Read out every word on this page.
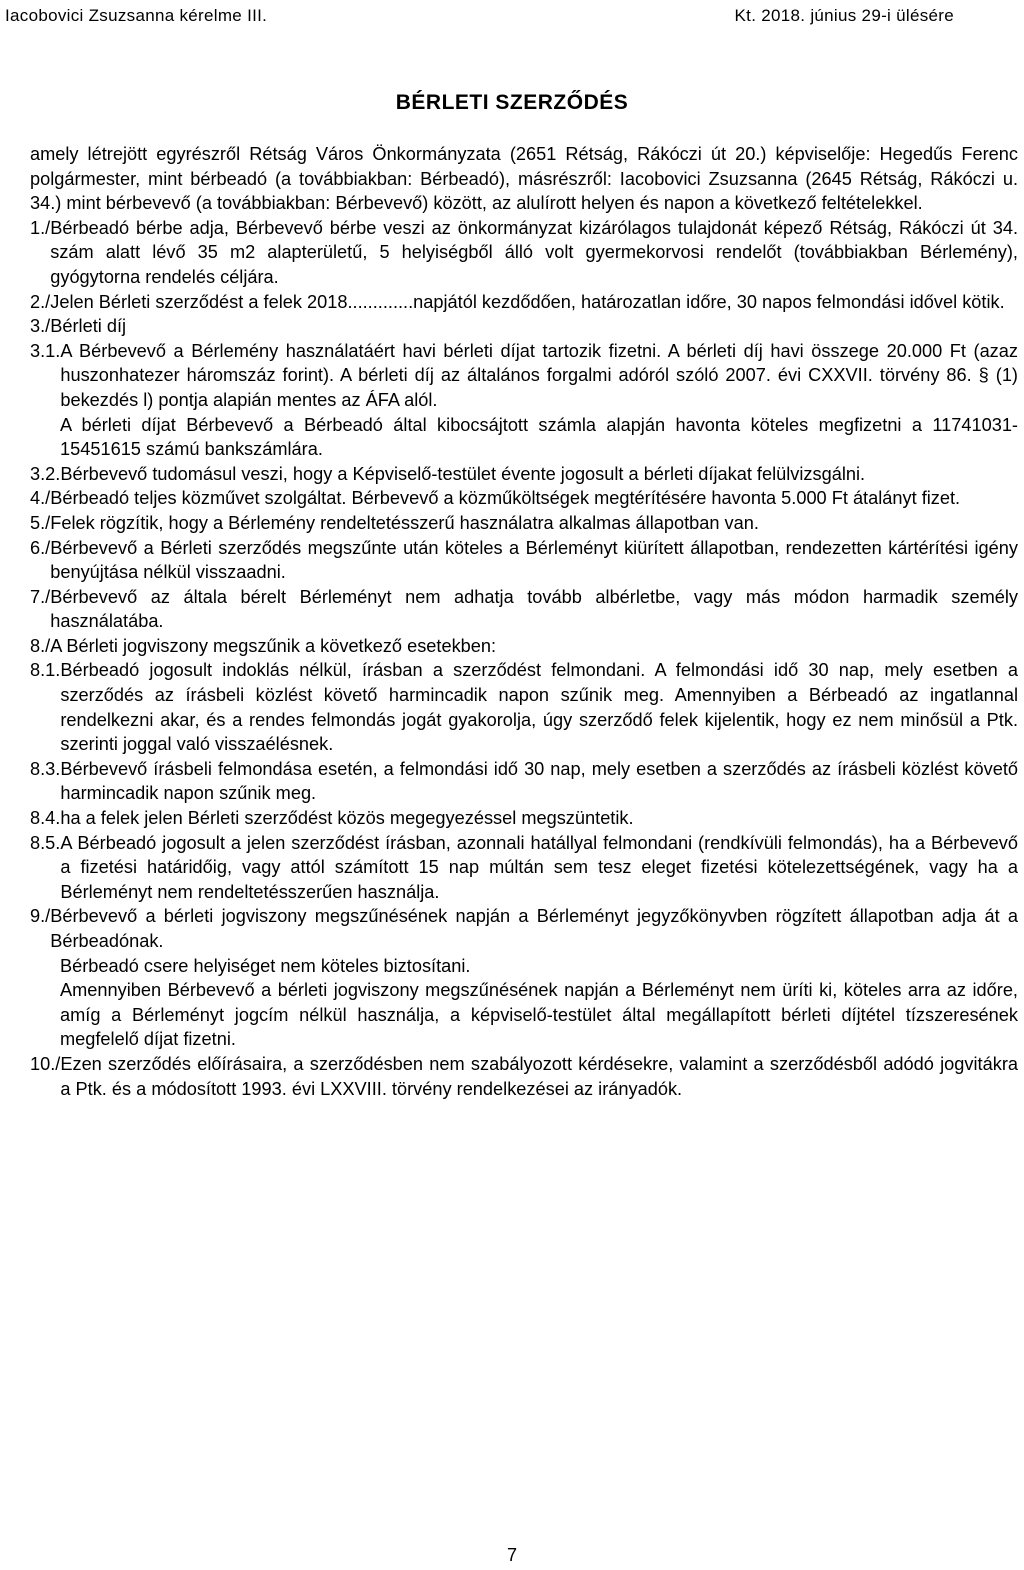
Iacobovici Zsuzsanna kérelme III.	Kt. 2018. június 29-i ülésére
BÉRLETI SZERZŐDÉS

amely létrejött egyrészről Rétság Város Önkormányzata (2651 Rétság, Rákóczi út 20.) képviselője: Hegedűs Ferenc polgármester, mint bérbeadó (a továbbiakban: Bérbeadó), másrészről: Iacobovici Zsuzsanna (2645 Rétság, Rákóczi u. 34.) mint bérbevevő (a továbbiakban: Bérbevevő) között, az alulírott helyen és napon a következő feltételekkel.

1./ Bérbeadó bérbe adja, Bérbevevő bérbe veszi az önkormányzat kizárólagos tulajdonát képező Rétság, Rákóczi út 34. szám alatt lévő 35 m2 alapterületű, 5 helyiségből álló volt gyermekorvosi rendelőt (továbbiakban Bérlemény), gyógytorna rendelés céljára.
2./ Jelen Bérleti szerződést a felek 2018.............napjától kezdődően, határozatlan időre, 30 napos felmondási idővel kötik.
3./ Bérleti díj
3.1. A Bérbevevő a Bérlemény használatáért havi bérleti díjat tartozik fizetni. A bérleti díj havi összege 20.000 Ft (azaz huszonhatezer háromszáz forint). A bérleti díj az általános forgalmi adóról szóló 2007. évi CXXVII. törvény 86. § (1) bekezdés l) pontja alapián mentes az ÁFA alól.

A bérleti díjat Bérbevevő a Bérbeadó által kibocsájtott számla alapján havonta köteles megfizetni a 11741031-15451615 számú bankszámlára.

3.2. Bérbevevő tudomásul veszi, hogy a Képviselő-testület évente jogosult a bérleti díjakat felülvizsgálni.
4./ Bérbeadó teljes közművet szolgáltat. Bérbevevő a közműköltségek megtérítésére havonta 5.000 Ft átalányt fizet.
5./ Felek rögzítik, hogy a Bérlemény rendeltetésszerű használatra alkalmas állapotban van.
6./ Bérbevevő a Bérleti szerződés megszűnte után köteles a Bérleményt kiürített állapotban, rendezetten kártérítési igény benyújtása nélkül visszaadni.
7./ Bérbevevő az általa bérelt Bérleményt nem adhatja tovább albérletbe, vagy más módon harmadik személy használatába.
8./ A Bérleti jogviszony megszűnik a következő esetekben:
8.1. Bérbeadó jogosult indoklás nélkül, írásban a szerződést felmondani. A felmondási idő 30 nap, mely esetben a szerződés az írásbeli közlést követő harmincadik napon szűnik meg. Amennyiben a Bérbeadó az ingatlannal rendelkezni akar, és a rendes felmondás jogát gyakorolja, úgy szerződő felek kijelentik, hogy ez nem minősül a Ptk. szerinti joggal való visszaélésnek.
8.3. Bérbevevő írásbeli felmondása esetén, a felmondási idő 30 nap, mely esetben a szerződés az írásbeli közlést követő harmincadik napon szűnik meg.
8.4. ha a felek jelen Bérleti szerződést közös megegyezéssel megszüntetik.
8.5. A Bérbeadó jogosult a jelen szerződést írásban, azonnali hatállyal felmondani (rendkívüli felmondás), ha a Bérbevevő a fizetési határidőig, vagy attól számított 15 nap múltán sem tesz eleget fizetési kötelezettségének, vagy ha a Bérleményt nem rendeltetésszerűen használja.
9./ Bérbevevő a bérleti jogviszony megszűnésének napján a Bérleményt jegyzőkönyvben rögzített állapotban adja át a Bérbeadónak.

Bérbeadó csere helyiséget nem köteles biztosítani.

Amennyiben Bérbevevő a bérleti jogviszony megszűnésének napján a Bérleményt nem üríti ki, köteles arra az időre, amíg a Bérleményt jogcím nélkül használja, a képviselő-testület által megállapított bérleti díjtétel tízszeresének megfelelő díjat fizetni.

10./ Ezen szerződés előírásaira, a szerződésben nem szabályozott kérdésekre, valamint a szerződésből adódó jogvitákra a Ptk. és a módosított 1993. évi LXXVIII. törvény rendelkezései az irányadók.
7
